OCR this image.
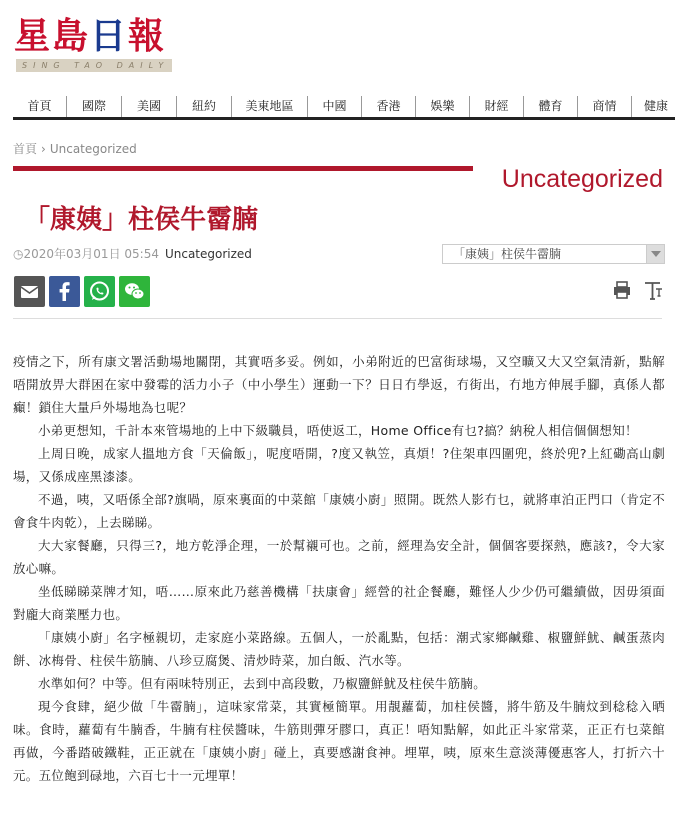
星島日報
SING TAO DAILY
首頁	國際	美國	紐約	美東地區	中國	香港	娛樂	財經	體育	商情	健康
首頁 › Uncategorized
Uncategorized
「康姨」柱侯牛霤腩
◷2020年03月01日 05:54 Uncategorized	「康姨」柱侯牛霤腩

疫情之下，所有康文署活動場地關閉，其實唔多妥。例如，小弟附近的巴富街球場，又空曠又大又空氣清新，點解唔開放畀大群困在家中發霉的活力小子（中小學生）運動一下？日日冇學返，冇街出，冇地方伸展手腳，真係人都癲！鎖住大量戶外場地為乜呢？

小弟更想知，千計本來管場地的上中下級職員，唔使返工，Home Office有乜?搞？納稅人相信個個想知！

上周日晚，成家人搵地方食「天倫飯」，呢度唔開，?度又執笠，真煩！?住架車四圍兜，終於兜?上紅磡高山劇場，又係成座黑漆漆。

不過，咦，又唔係全部?旗喎，原來裏面的中菜館「康姨小廚」照開。既然人影冇乜，就將車泊正門口（肯定不會食牛肉乾），上去睇睇。

大大家餐廳，只得三?，地方乾淨企理，一於幫襯可也。之前，經理為安全計，個個客要探熱，應該?，令大家放心嘛。

坐低睇睇菜牌才知，唔……原來此乃慈善機構「扶康會」經營的社企餐廳，難怪人少少仍可繼續做，因毋須面對龐大商業壓力也。

「康姨小廚」名字極親切，走家庭小菜路線。五個人，一於亂點，包括：潮式家鄉鹹雞、椒鹽鮮魷、鹹蛋蒸肉餅、冰梅骨、柱侯牛筋腩、八珍豆腐煲、清炒時菜，加白飯、汽水等。

水準如何？中等。但有兩味特別正，去到中高段數，乃椒鹽鮮魷及柱侯牛筋腩。

現今食肆，絕少做「牛霤腩」，這味家常菜，其實極簡單。用靚蘿蔔，加柱侯醬，將牛筋及牛腩炆到稔稔入晒味。食時，蘿蔔有牛腩香，牛腩有柱侯醬味，牛筋則彈牙膠口，真正！唔知點解，如此正斗家常菜，正正冇乜菜館再做，今番踏破鐵鞋，正正就在「康姨小廚」碰上，真要感謝食神。埋單，咦，原來生意淡薄優惠客人，打折六十元。五位飽到碌地，六百七十一元埋單！
